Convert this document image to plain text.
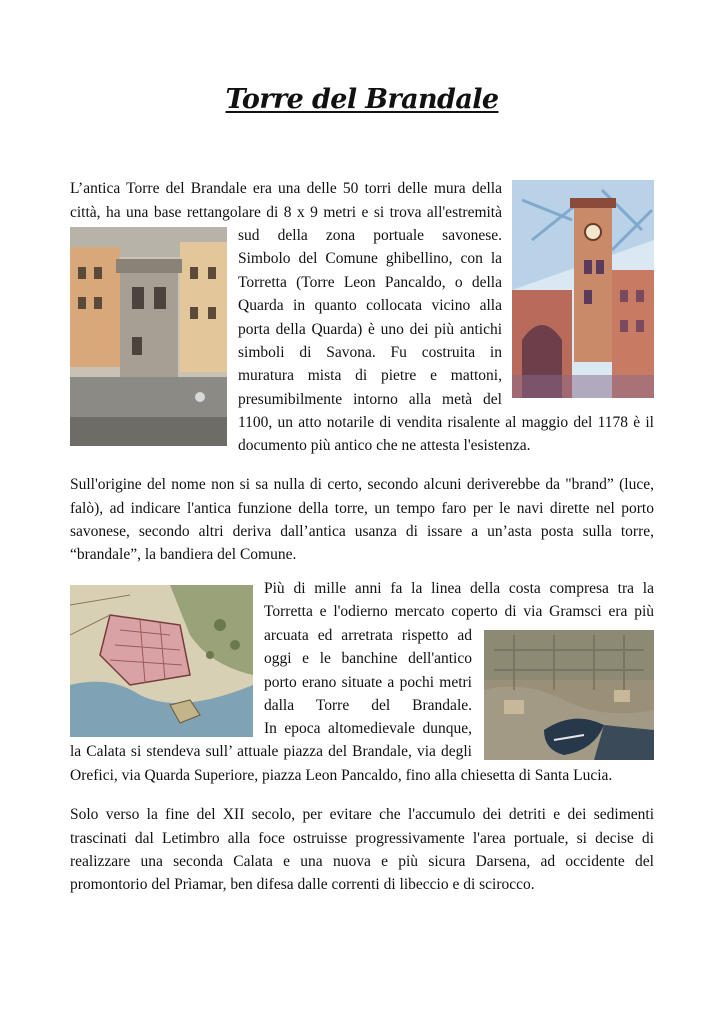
Torre del Brandale

L’antica Torre del Brandale era una delle 50 torri delle mura della

città, ha una base rettangolare di 8 x 9 metri e si trova all'estremità

sud della zona portuale savonese.

Simbolo del Comune ghibellino, con la

Torretta (Torre Leon Pancaldo, o della

Quarda in quanto collocata vicino alla

porta della Quarda) è uno dei più antichi

simboli di Savona. Fu costruita in

muratura mista di pietre e mattoni,

presumibilmente intorno alla metà del

1100, un atto notarile di vendita risalente al maggio del 1178 è il

documento più antico che ne attesta l'esistenza.

Sull'origine del nome non si sa nulla di certo, secondo alcuni deriverebbe da "brand” (luce,

falò), ad indicare l'antica funzione della torre, un tempo faro per le navi dirette nel porto

savonese, secondo altri deriva dall’antica usanza di issare a un’asta posta sulla torre,

“brandale”, la bandiera del Comune.

Più di mille anni fa la linea della costa compresa tra la

Torretta e l'odierno mercato coperto di via Gramsci era più

arcuata ed arretrata rispetto ad

oggi e le banchine dell'antico

porto erano situate a pochi metri

dalla Torre del Brandale.

In epoca altomedievale dunque,

la Calata si stendeva sull’ attuale piazza del Brandale, via degli

Orefici, via Quarda Superiore, piazza Leon Pancaldo, fino alla chiesetta di Santa Lucia.

Solo verso la fine del XII secolo, per evitare che l'accumulo dei detriti e dei sedimenti

trascinati dal Letimbro alla foce ostruisse progressivamente l'area portuale, si decise di

realizzare una seconda Calata e una nuova e più sicura Darsena, ad occidente del

promontorio del Prìamar, ben difesa dalle correnti di libeccio e di scirocco.
